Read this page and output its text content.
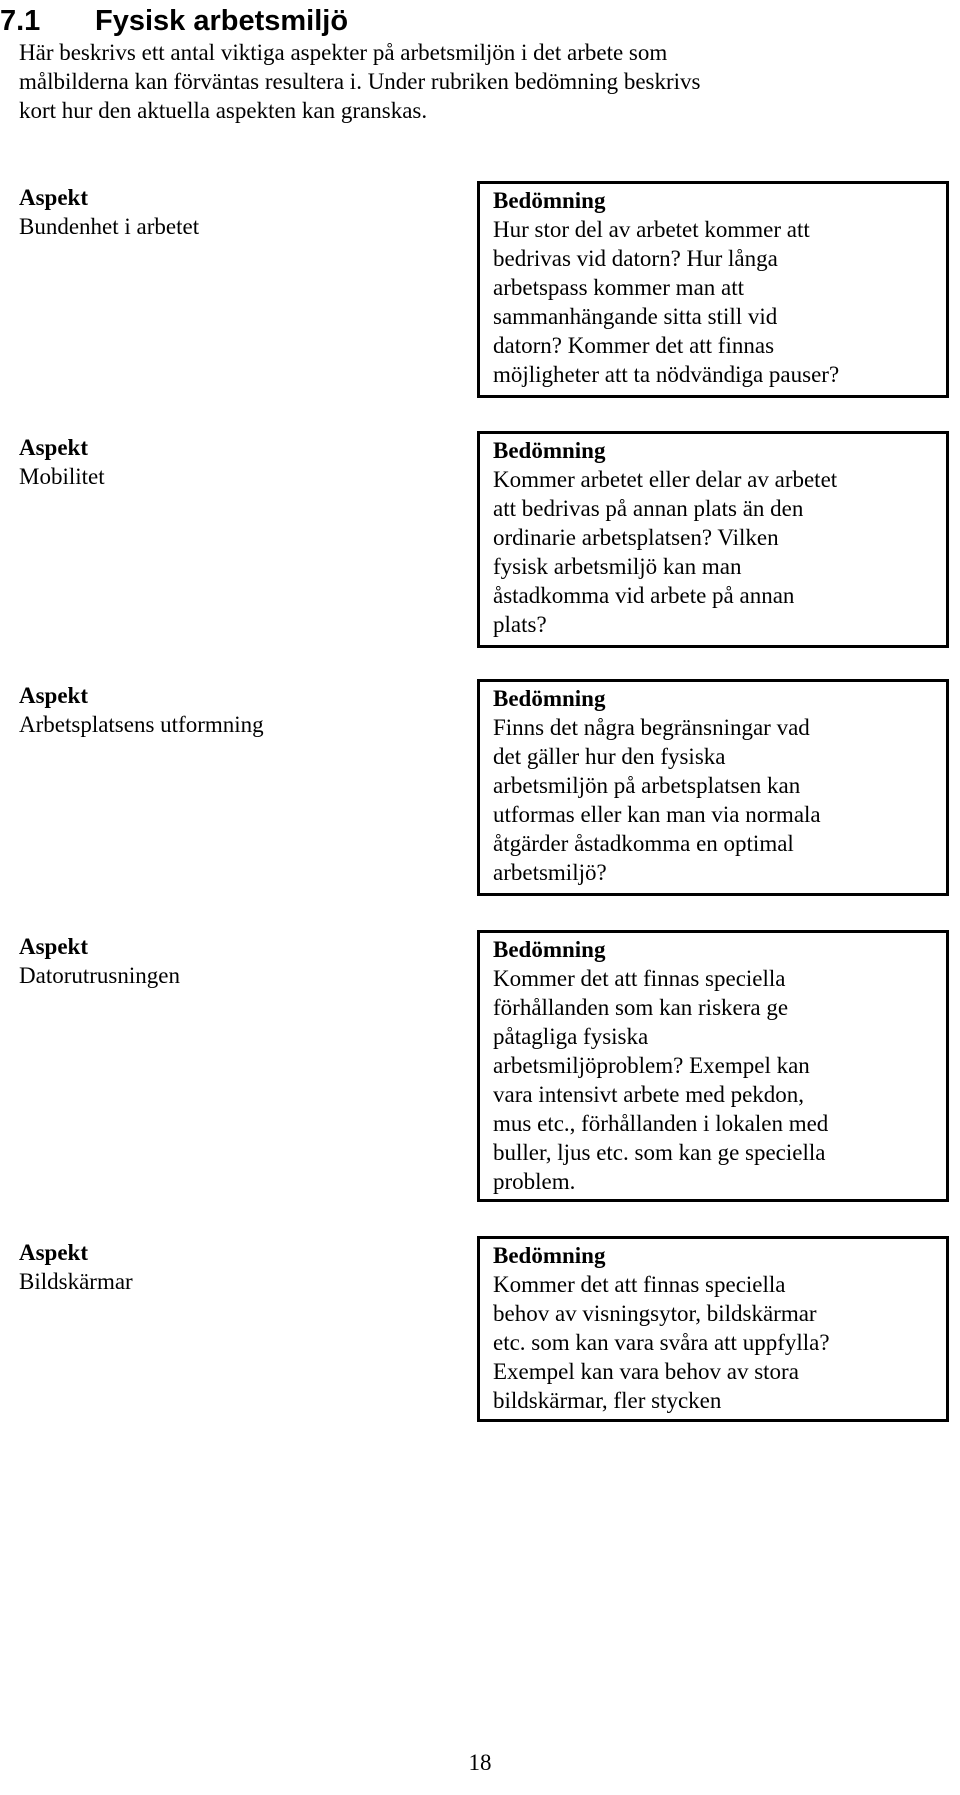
7.1 Fysisk arbetsmiljö
Här beskrivs ett antal viktiga aspekter på arbetsmiljön i det arbete som
målbilderna kan förväntas resultera i. Under rubriken bedömning beskrivs
kort hur den aktuella aspekten kan granskas.
Aspekt
Bundenhet i arbetet
Bedömning
Hur stor del av arbetet kommer att
bedrivas vid datorn? Hur långa
arbetspass kommer man att
sammanhängande sitta still vid
datorn? Kommer det att finnas
möjligheter att ta nödvändiga pauser?
Aspekt
Mobilitet
Bedömning
Kommer arbetet eller delar av arbetet
att bedrivas på annan plats än den
ordinarie arbetsplatsen? Vilken
fysisk arbetsmiljö kan man
åstadkomma vid arbete på annan
plats?
Aspekt
Arbetsplatsens utformning
Bedömning
Finns det några begränsningar vad
det gäller hur den fysiska
arbetsmiljön på arbetsplatsen kan
utformas eller kan man via normala
åtgärder åstadkomma en optimal
arbetsmiljö?
Aspekt
Datorutrusningen
Bedömning
Kommer det att finnas speciella
förhållanden som kan riskera ge
påtagliga fysiska
arbetsmiljöproblem? Exempel kan
vara intensivt arbete med pekdon,
mus etc., förhållanden i lokalen med
buller, ljus etc. som kan ge speciella
problem.
Aspekt
Bildskärmar
Bedömning
Kommer det att finnas speciella
behov av visningsytor, bildskärmar
etc. som kan vara svåra att uppfylla?
Exempel kan vara behov av stora
bildskärmar, fler stycken
18
